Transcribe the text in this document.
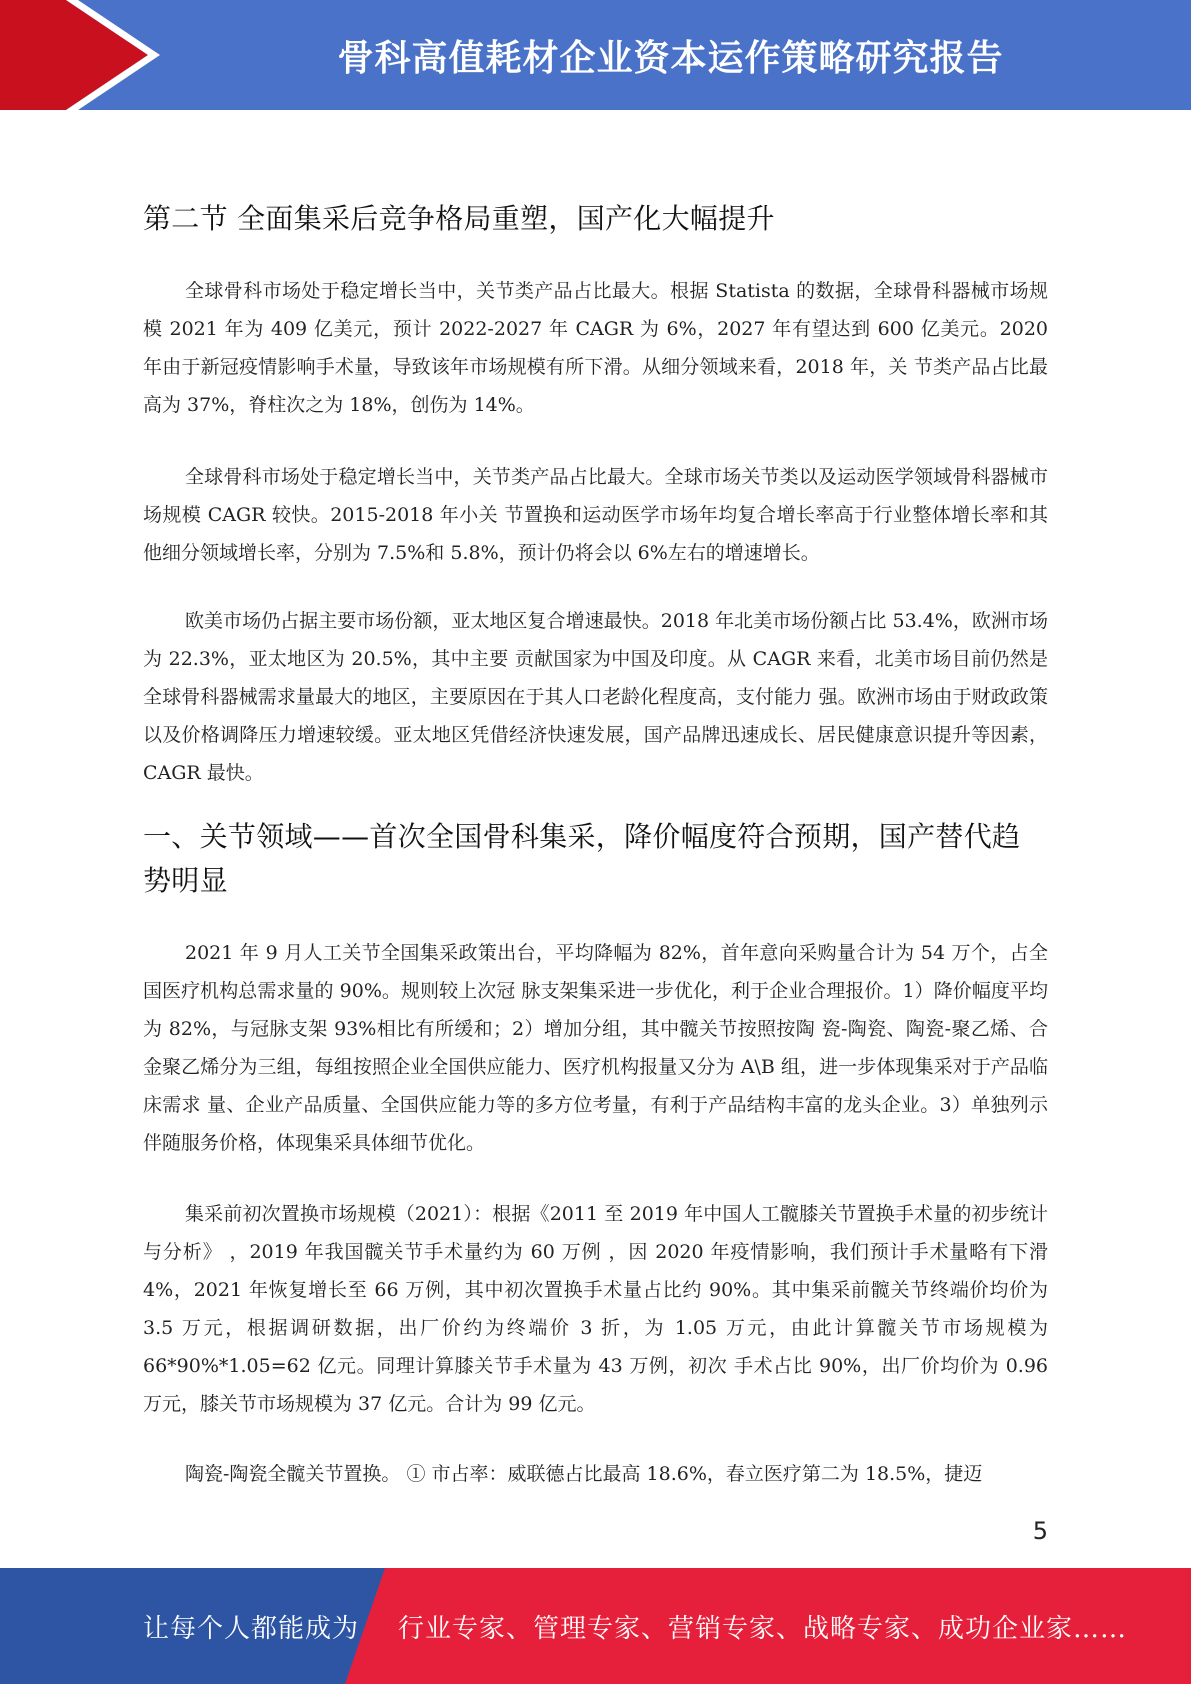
骨科高值耗材企业资本运作策略研究报告
第二节 全面集采后竞争格局重塑，国产化大幅提升

全球骨科市场处于稳定增长当中，关节类产品占比最大。根据 Statista 的数据，全球骨科器械市场规模 2021 年为 409 亿美元，预计 2022-2027 年 CAGR 为 6%，2027 年有望达到 600 亿美元。2020 年由于新冠疫情影响手术量，导致该年市场规模有所下滑。从细分领域来看，2018 年，关 节类产品占比最高为 37%，脊柱次之为 18%，创伤为 14%。

全球骨科市场处于稳定增长当中，关节类产品占比最大。全球市场关节类以及运动医学领域骨科器械市场规模 CAGR 较快。2015-2018 年小关 节置换和运动医学市场年均复合增长率高于行业整体增长率和其他细分领域增长率，分别为 7.5%和 5.8%，预计仍将会以 6%左右的增速增长。

欧美市场仍占据主要市场份额，亚太地区复合增速最快。2018 年北美市场份额占比 53.4%，欧洲市场为 22.3%，亚太地区为 20.5%，其中主要 贡献国家为中国及印度。从 CAGR 来看，北美市场目前仍然是全球骨科器械需求量最大的地区，主要原因在于其人口老龄化程度高，支付能力 强。欧洲市场由于财政政策以及价格调降压力增速较缓。亚太地区凭借经济快速发展，国产品牌迅速成长、居民健康意识提升等因素，CAGR 最快。

一、关节领域——首次全国骨科集采，降价幅度符合预期，国产替代趋势明显

2021 年 9 月人工关节全国集采政策出台，平均降幅为 82%，首年意向采购量合计为 54 万个，占全国医疗机构总需求量的 90%。规则较上次冠 脉支架集采进一步优化，利于企业合理报价。1）降价幅度平均为 82%，与冠脉支架 93%相比有所缓和；2）增加分组，其中髋关节按照按陶 瓷-陶瓷、陶瓷-聚乙烯、合金聚乙烯分为三组，每组按照企业全国供应能力、医疗机构报量又分为 A\B 组，进一步体现集采对于产品临床需求 量、企业产品质量、全国供应能力等的多方位考量，有利于产品结构丰富的龙头企业。3）单独列示伴随服务价格，体现集采具体细节优化。

集采前初次置换市场规模（2021）：根据《2011 至 2019 年中国人工髋膝关节置换手术量的初步统计与分析》 ，2019 年我国髋关节手术量约为 60 万例 ，因 2020 年疫情影响，我们预计手术量略有下滑 4%，2021 年恢复增长至 66 万例，其中初次置换手术量占比约 90%。其中集采前髋关节终端价均价为 3.5 万元，根据调研数据，出厂价约为终端价 3 折，为 1.05 万元，由此计算髋关节市场规模为 66*90%*1.05=62 亿元。同理计算膝关节手术量为 43 万例，初次 手术占比 90%，出厂价均价为 0.96 万元，膝关节市场规模为 37 亿元。合计为 99 亿元。

陶瓷-陶瓷全髋关节置换。 ① 市占率：威联德占比最高 18.6%，春立医疗第二为 18.5%，捷迈

5
让每个人都能成为 行业专家、管理专家、营销专家、战略专家、成功企业家……
